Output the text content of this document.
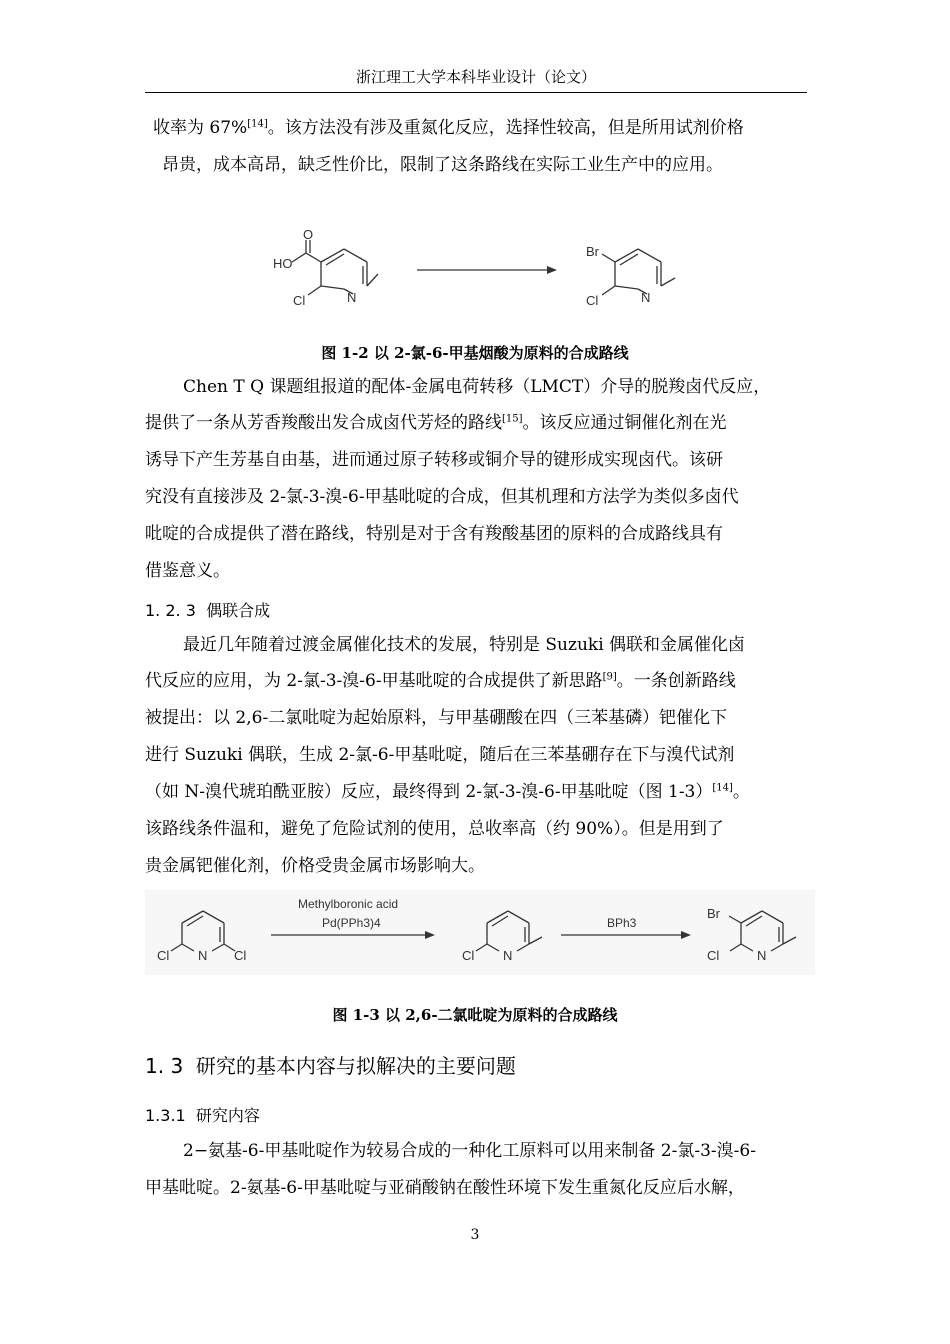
浙江理工大学本科毕业设计（论文）
收率为 67%[14]。该方法没有涉及重氮化反应，选择性较高，但是所用试剂价格
昂贵，成本高昂，缺乏性价比，限制了这条路线在实际工业生产中的应用。
O
HO
Cl	N
Br
Cl	N
图 1-2 以 2-氯-6-甲基烟酸为原料的合成路线
Chen T Q 课题组报道的配体-金属电荷转移（LMCT）介导的脱羧卤代反应，
提供了一条从芳香羧酸出发合成卤代芳烃的路线[15]。该反应通过铜催化剂在光
诱导下产生芳基自由基，进而通过原子转移或铜介导的键形成实现卤代。该研
究没有直接涉及 2-氯-3-溴-6-甲基吡啶的合成，但其机理和方法学为类似多卤代
吡啶的合成提供了潜在路线，特别是对于含有羧酸基团的原料的合成路线具有
借鉴意义。
1. 2. 3 偶联合成
最近几年随着过渡金属催化技术的发展，特别是 Suzuki 偶联和金属催化卤
代反应的应用，为 2-氯-3-溴-6-甲基吡啶的合成提供了新思路[9]。一条创新路线
被提出：以 2,6-二氯吡啶为起始原料，与甲基硼酸在四（三苯基磷）钯催化下
进行 Suzuki 偶联，生成 2-氯-6-甲基吡啶，随后在三苯基硼存在下与溴代试剂
（如 N-溴代琥珀酰亚胺）反应，最终得到 2-氯-3-溴-6-甲基吡啶（图 1-3）[14]。
该路线条件温和，避免了危险试剂的使用，总收率高（约 90%）。但是用到了
贵金属钯催化剂，价格受贵金属市场影响大。
Cl N Cl
Methylboronic acid
Pd(PPh3)4
Cl N
BPh3
Br
Cl	N
图 1-3 以 2,6-二氯吡啶为原料的合成路线
1. 3 研究的基本内容与拟解决的主要问题
1.3.1 研究内容
2−氨基-6-甲基吡啶作为较易合成的一种化工原料可以用来制备 2-氯-3-溴-6-
甲基吡啶。2-氨基-6-甲基吡啶与亚硝酸钠在酸性环境下发生重氮化反应后水解，
3
